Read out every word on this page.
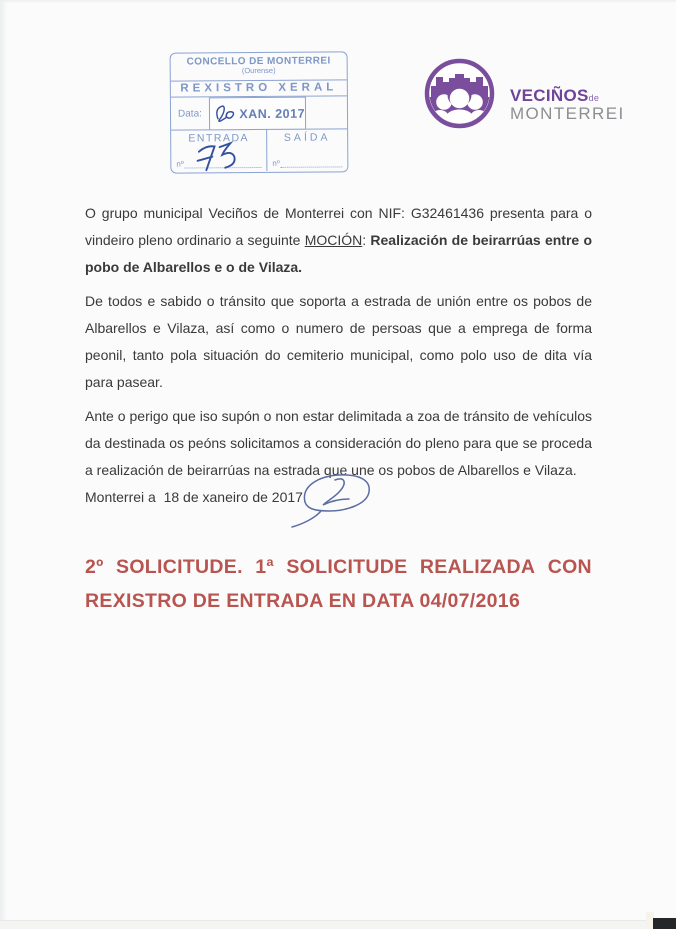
CONCELLO DE MONTERREI
(Ourense)
REXISTRO XERAL
Data:
ENTRADA
nº
SAÍDA
nº
XAN. 2017
VECIÑOSde
MONTERREI

O grupo municipal Veciños de Monterrei con NIF: G32461436 presenta para o vindeiro pleno ordinario a seguinte MOCIÓN: Realización de beirarrúas entre o pobo de Albarellos e o de Vilaza.

De todos e sabido o tránsito que soporta a estrada de unión entre os pobos de Albarellos e Vilaza, así como o numero de persoas que a emprega de forma peonil, tanto pola situación do cemiterio municipal, como polo uso de dita vía para pasear.

Ante o perigo que iso supón o non estar delimitada a zoa de tránsito de vehículos da destinada os peóns solicitamos a consideración do pleno para que se proceda a realización de beirarrúas na estrada que une os pobos de Albarellos e Vilaza.

Monterrei a  18 de xaneiro de 2017.
2º SOLICITUDE. 1ª SOLICITUDE REALIZADA CON
REXISTRO DE ENTRADA EN DATA 04/07/2016
